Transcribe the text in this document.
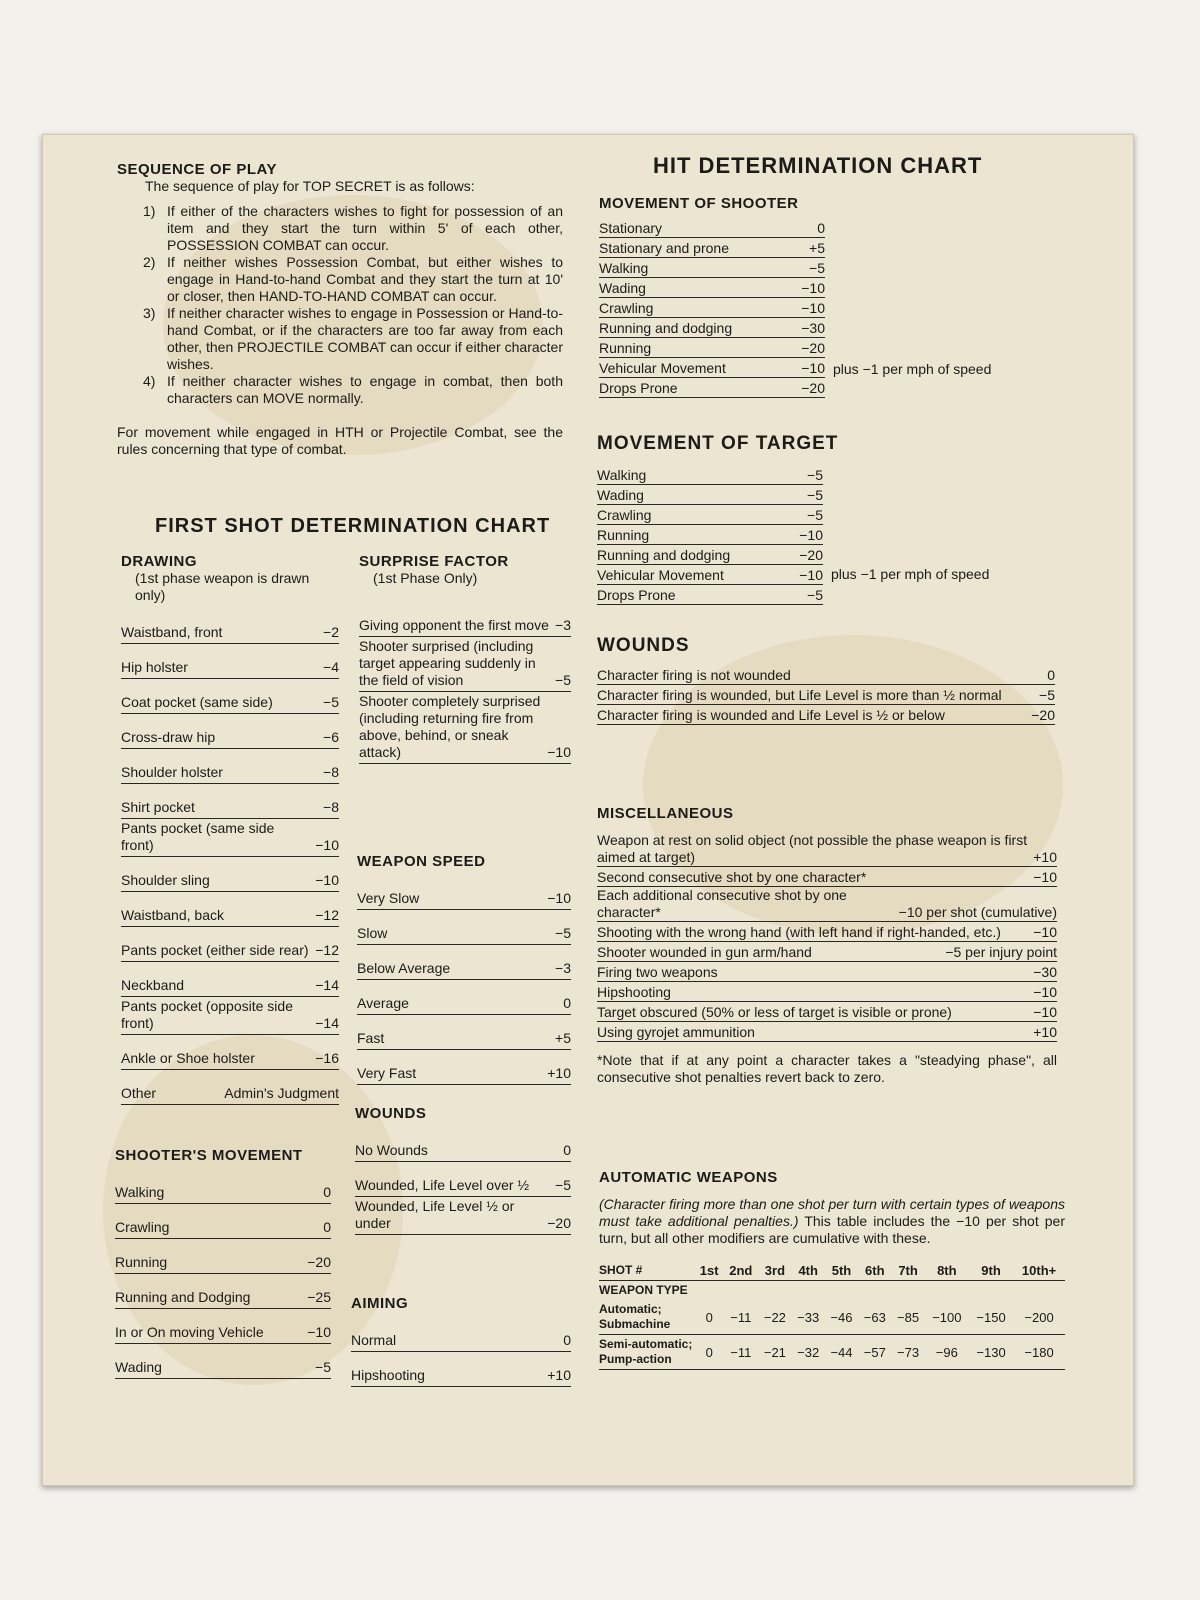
SEQUENCE OF PLAY

The sequence of play for TOP SECRET is as follows:

1) If either of the characters wishes to fight for possession of an item and they start the turn within 5' of each other, POSSESSION COMBAT can occur.
2) If neither wishes Possession Combat, but either wishes to engage in Hand-to-hand Combat and they start the turn at 10' or closer, then HAND-TO-HAND COMBAT can occur.
3) If neither character wishes to engage in Possession or Hand-to-hand Combat, or if the characters are too far away from each other, then PROJECTILE COMBAT can occur if either character wishes.
4) If neither character wishes to engage in combat, then both characters can MOVE normally.

For movement while engaged in HTH or Projectile Combat, see the rules concerning that type of combat.

FIRST SHOT DETERMINATION CHART
DRAWING
(1st phase weapon is drawn only)
Waistband, front	−2
Hip holster	−4
Coat pocket (same side)	−5
Cross-draw hip	−6
Shoulder holster	−8
Shirt pocket	−8
Pants pocket (same side front)	−10
Shoulder sling	−10
Waistband, back	−12
Pants pocket (either side rear) −12
Neckband	−14
Pants pocket (opposite side front)	−14
Ankle or Shoe holster	−16
Other	Admin's Judgment
SHOOTER'S MOVEMENT
Walking	0
Crawling	0
Running	−20
Running and Dodging	−25
In or On moving Vehicle	−10
Wading	−5
SURPRISE FACTOR
(1st Phase Only)
Giving opponent the first move −3
Shooter surprised (including target appearing suddenly in the field of vision	−5
Shooter completely surprised (including returning fire from above, behind, or sneak attack)	−10
WEAPON SPEED
Very Slow	−10
Slow	−5
Below Average	−3
Average	0
Fast	+5
Very Fast	+10
WOUNDS
No Wounds	0
Wounded, Life Level over ½	−5
Wounded, Life Level ½ or under	−20
AIMING
Normal	0
Hipshooting	+10
HIT DETERMINATION CHART
MOVEMENT OF SHOOTER
Stationary	0
Stationary and prone	+5
Walking	−5
Wading	−10
Crawling	−10
Running and dodging	−30
Running	−20
Vehicular Movement	−10
Drops Prone	−20
plus −1 per mph of speed
MOVEMENT OF TARGET
Walking	−5
Wading	−5
Crawling	−5
Running	−10
Running and dodging	−20
Vehicular Movement	−10
Drops Prone	−5
plus −1 per mph of speed
WOUNDS
Character firing is not wounded	0
Character firing is wounded, but Life Level is more than ½ normal	−5
Character firing is wounded and Life Level is ½ or below	−20
MISCELLANEOUS
Weapon at rest on solid object (not possible the phase weapon is first aimed at target)	+10
Second consecutive shot by one character*	−10
Each additional consecutive shot by one character*	−10 per shot (cumulative)
Shooting with the wrong hand (with left hand if right-handed, etc.)	−10
Shooter wounded in gun arm/hand	−5 per injury point
Firing two weapons	−30
Hipshooting	−10
Target obscured (50% or less of target is visible or prone)	−10
Using gyrojet ammunition	+10

*Note that if at any point a character takes a "steadying phase", all consecutive shot penalties revert back to zero.

AUTOMATIC WEAPONS

(Character firing more than one shot per turn with certain types of weapons must take additional penalties.) This table includes the −10 per shot per turn, but all other modifiers are cumulative with these.

SHOT #	1st	2nd	3rd	4th	5th	6th	7th	8th	9th	10th+
WEAPON TYPE										
Automatic; Submachine	0	−11	−22	−33	−46	−63	−85	−100	−150	−200
Semi-automatic; Pump-action	0	−11	−21	−32	−44	−57	−73	−96	−130	−180
